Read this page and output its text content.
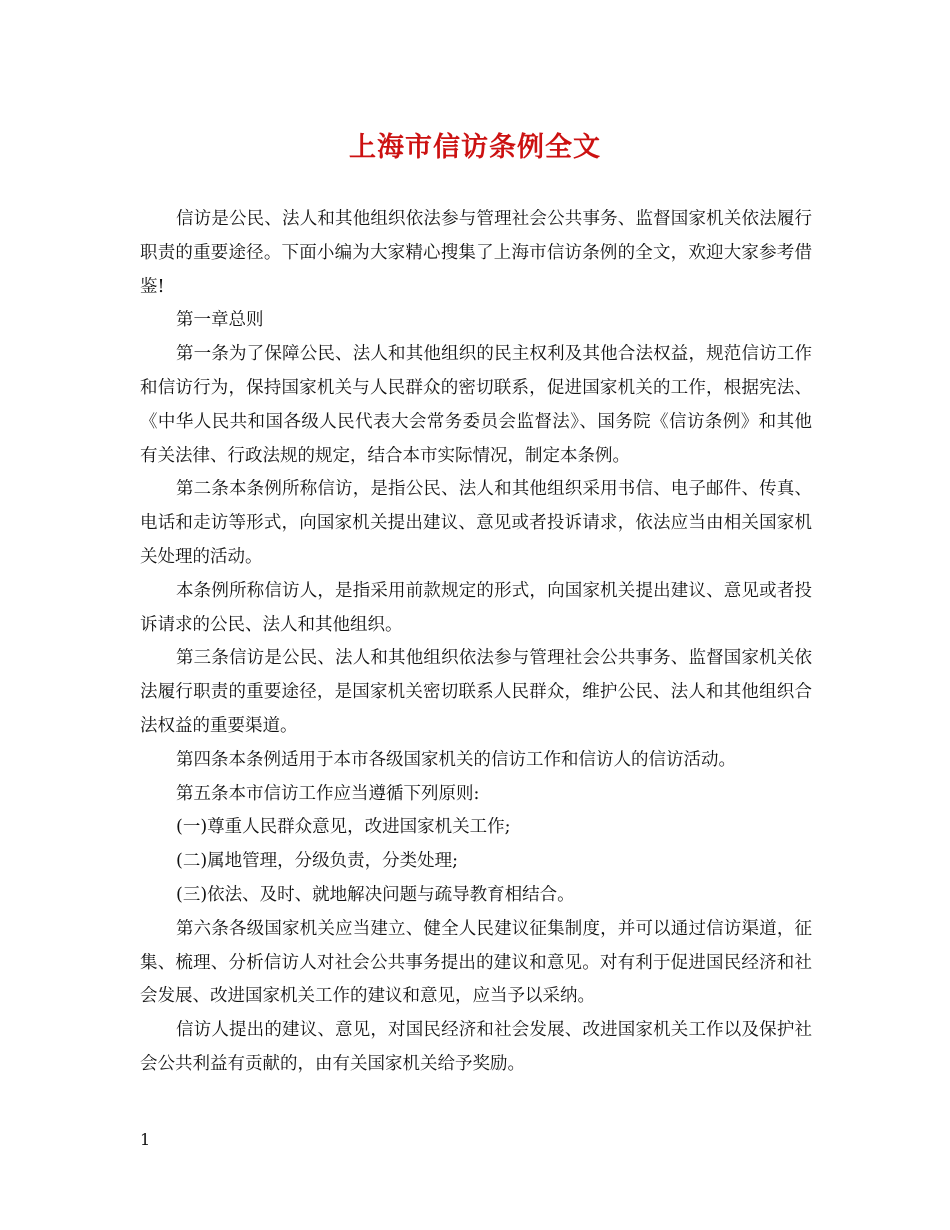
上海市信访条例全文

信访是公民、法人和其他组织依法参与管理社会公共事务、监督国家机关依法履行职责的重要途径。下面小编为大家精心搜集了上海市信访条例的全文，欢迎大家参考借鉴!

第一章总则

第一条为了保障公民、法人和其他组织的民主权利及其他合法权益，规范信访工作和信访行为，保持国家机关与人民群众的密切联系，促进国家机关的工作，根据宪法、《中华人民共和国各级人民代表大会常务委员会监督法》、国务院《信访条例》和其他有关法律、行政法规的规定，结合本市实际情况，制定本条例。

第二条本条例所称信访，是指公民、法人和其他组织采用书信、电子邮件、传真、电话和走访等形式，向国家机关提出建议、意见或者投诉请求，依法应当由相关国家机关处理的活动。

本条例所称信访人，是指采用前款规定的形式，向国家机关提出建议、意见或者投诉请求的公民、法人和其他组织。

第三条信访是公民、法人和其他组织依法参与管理社会公共事务、监督国家机关依法履行职责的重要途径，是国家机关密切联系人民群众，维护公民、法人和其他组织合法权益的重要渠道。

第四条本条例适用于本市各级国家机关的信访工作和信访人的信访活动。

第五条本市信访工作应当遵循下列原则:

(一)尊重人民群众意见，改进国家机关工作;

(二)属地管理，分级负责，分类处理;

(三)依法、及时、就地解决问题与疏导教育相结合。

第六条各级国家机关应当建立、健全人民建议征集制度，并可以通过信访渠道，征集、梳理、分析信访人对社会公共事务提出的建议和意见。对有利于促进国民经济和社会发展、改进国家机关工作的建议和意见，应当予以采纳。

信访人提出的建议、意见，对国民经济和社会发展、改进国家机关工作以及保护社会公共利益有贡献的，由有关国家机关给予奖励。

1
